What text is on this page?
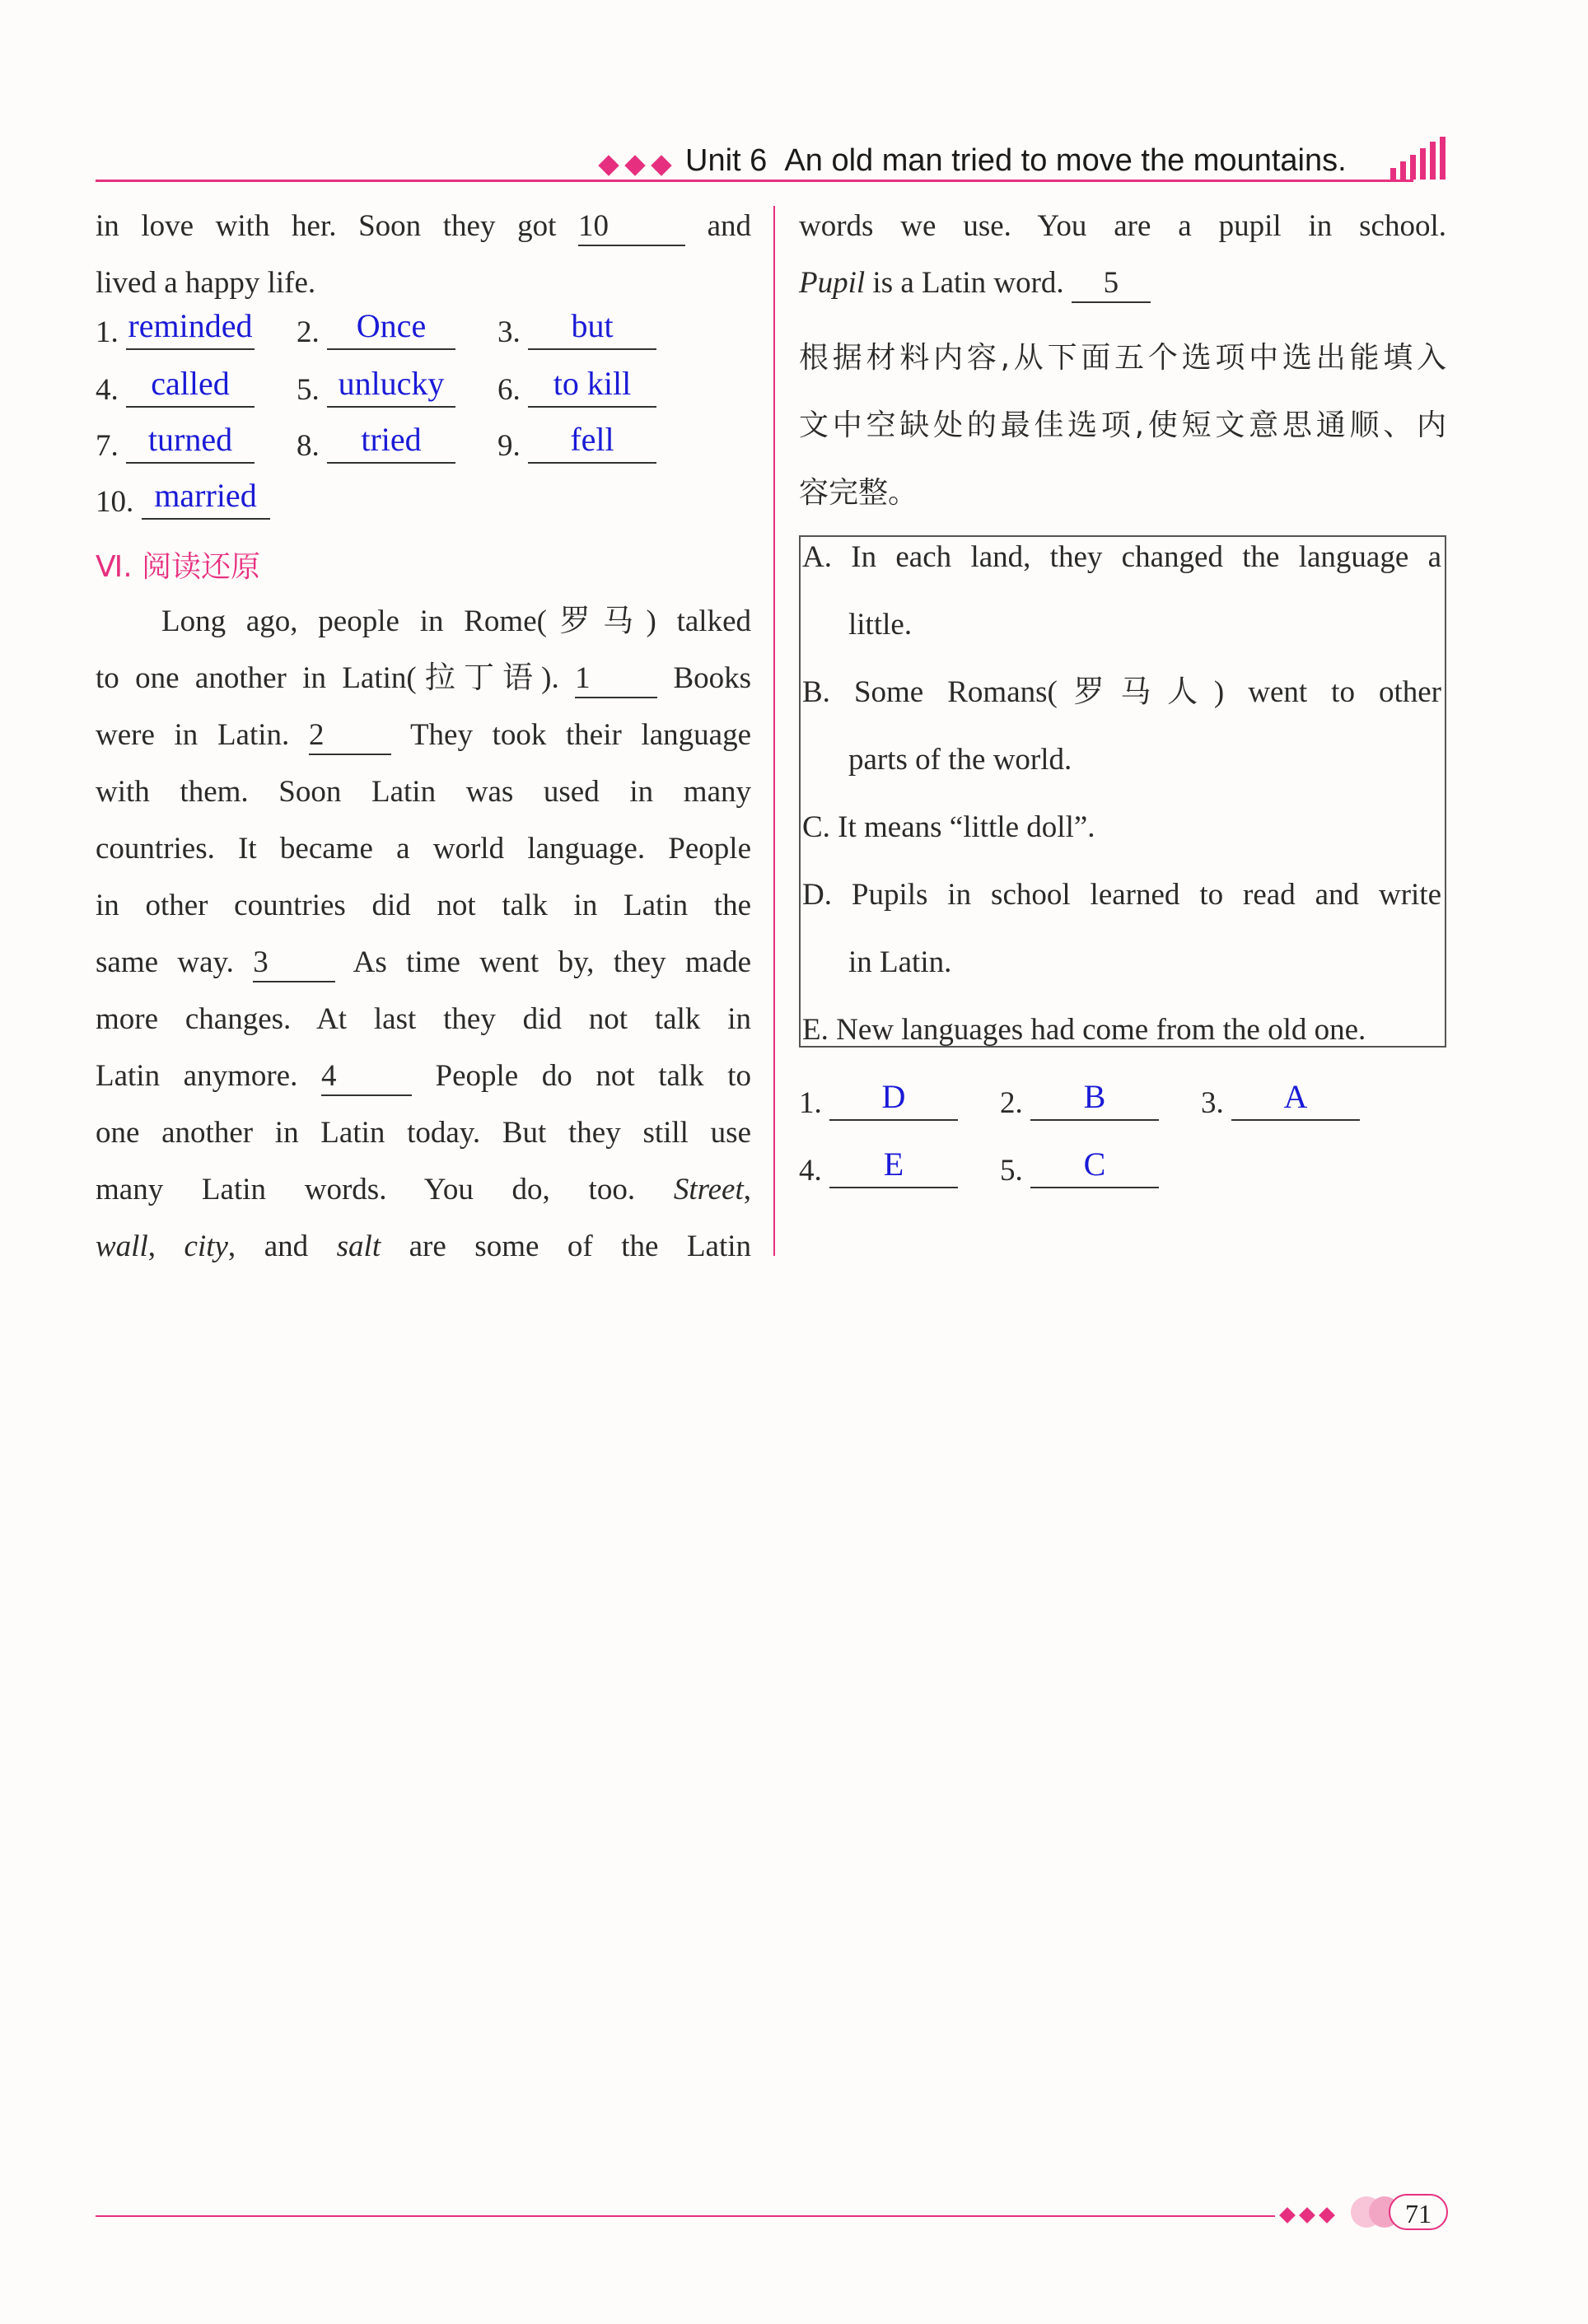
Unit 6 An old man tried to move the mountains.
in love with her. Soon they got 10	and
lived a happy life.
1. reminded 2. Once 3. but
4. called 5. unlucky 6. to kill
7. turned 8. tried 9. fell
10. married
Ⅵ. 阅读还原
Long ago, people in Rome(罗马) talked
to one another in Latin(拉丁语). 1	Books
were in Latin. 2	They took their language
with them. Soon Latin was used in many
countries. It became a world language. People
in other countries did not talk in Latin the
same way. 3	As time went by, they made
more changes. At last they did not talk in
Latin anymore. 4	People do not talk to
one another in Latin today. But they still use
many Latin words. You do, too. Street,
wall, city, and salt are some of the Latin
words we use. You are a pupil in school.
Pupil is a Latin word. 5
根据材料内容,从下面五个选项中选出能填入
文中空缺处的最佳选项,使短文意思通顺、内
容完整。
A. In each land, they changed the language a
little.
B. Some Romans(罗马人) went to other
parts of the world.
C. It means “little doll”.
D. Pupils in school learned to read and write
in Latin.
E. New languages had come from the old one.
1. D	2. B	3. A
4. E	5. C
71
